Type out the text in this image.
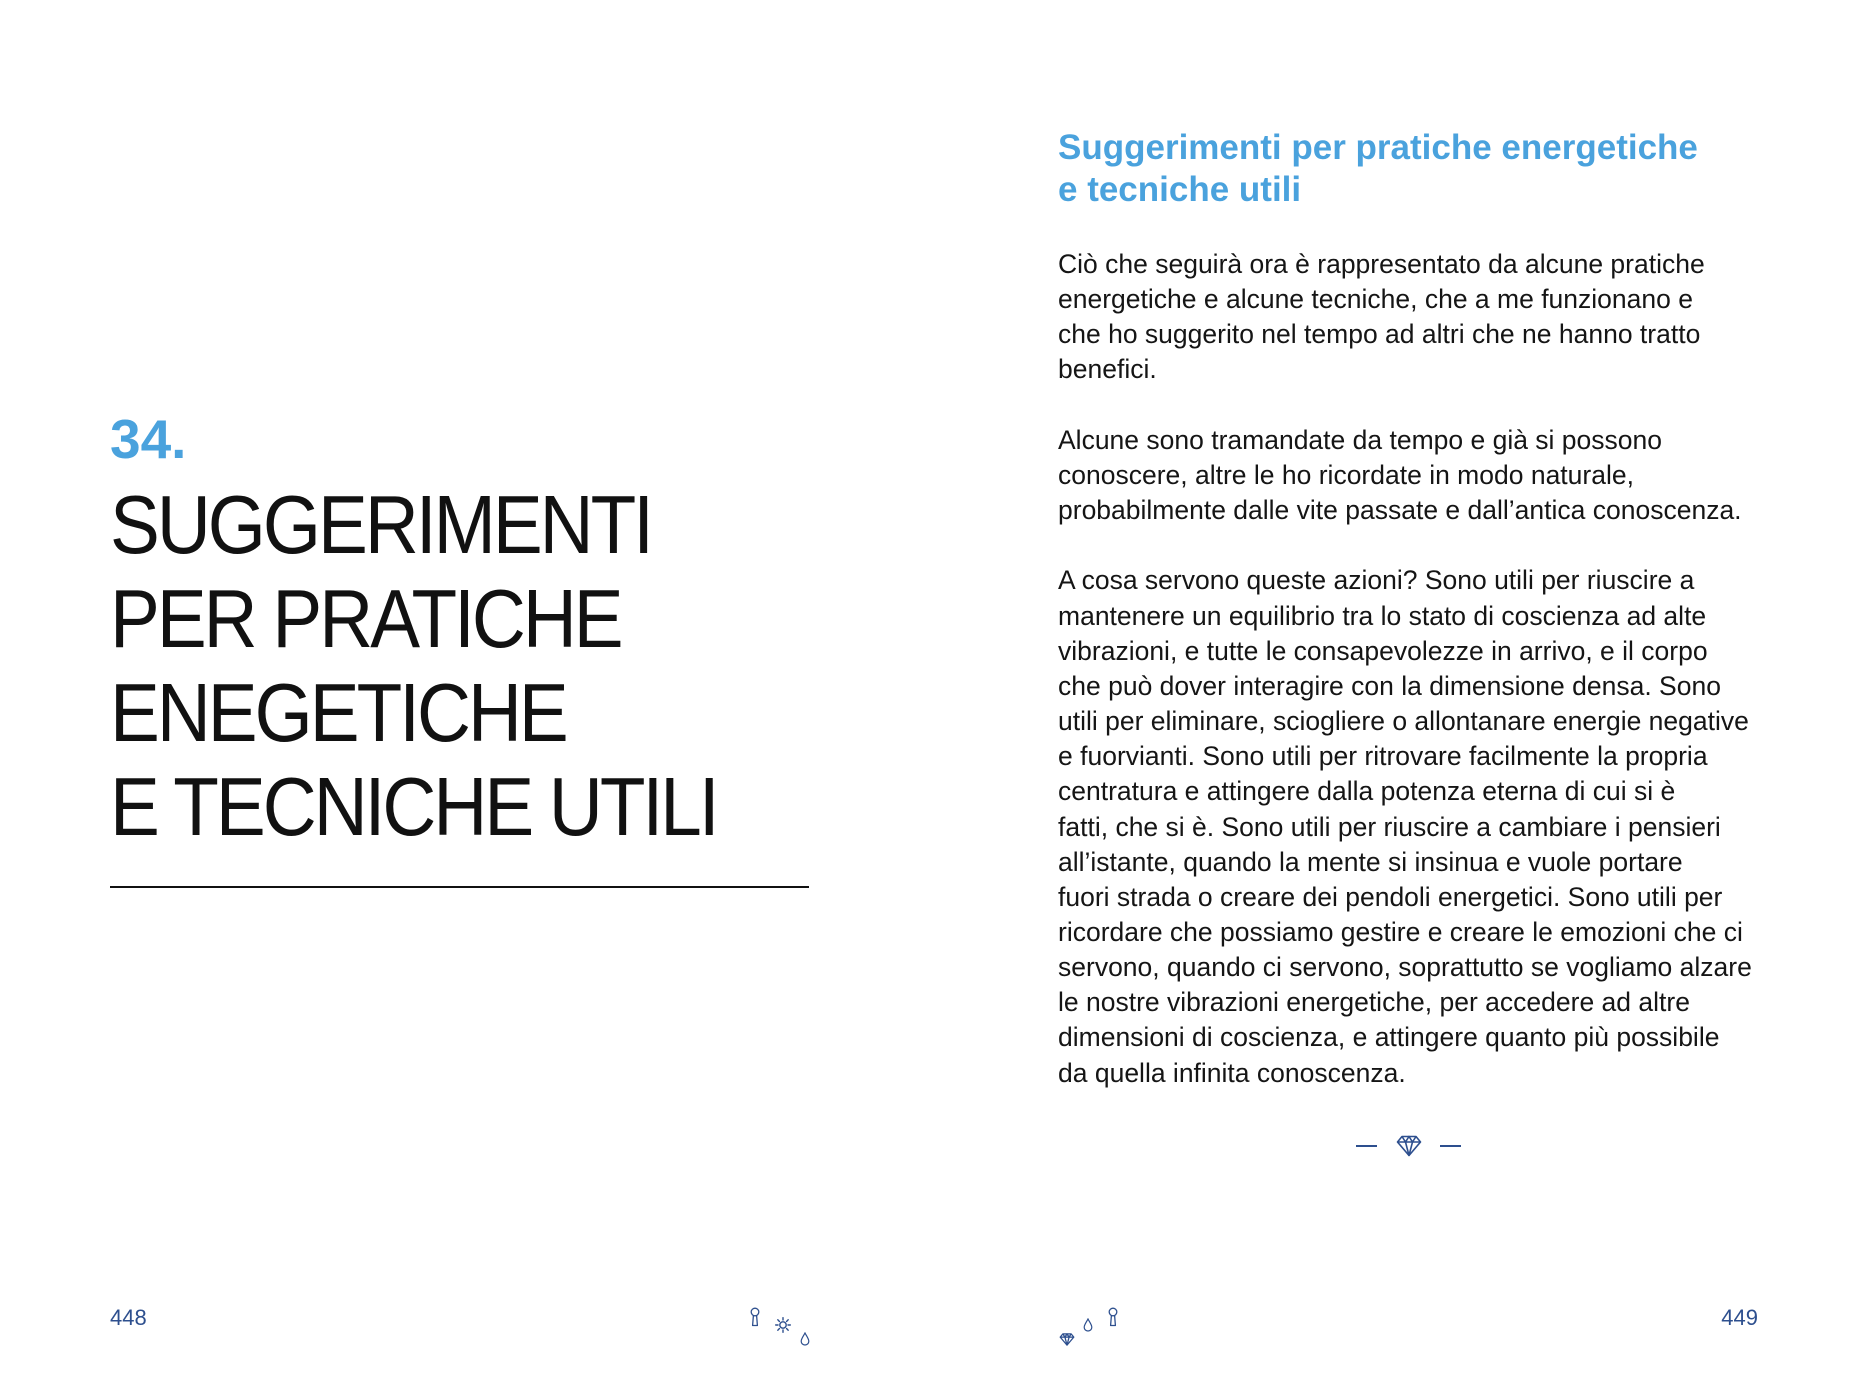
34.
SUGGERIMENTI
PER PRATICHE
ENEGETICHE
E TECNICHE UTILI
448
Suggerimenti per pratiche energetiche
e tecniche utili
Ciò che seguirà ora è rappresentato da alcune pratiche
energetiche e alcune tecniche, che a me funzionano e
che ho suggerito nel tempo ad altri che ne hanno tratto
benefici.
Alcune sono tramandate da tempo e già si possono
conoscere, altre le ho ricordate in modo naturale,
probabilmente dalle vite passate e dall’antica conoscenza.
A cosa servono queste azioni? Sono utili per riuscire a
mantenere un equilibrio tra lo stato di coscienza ad alte
vibrazioni, e tutte le consapevolezze in arrivo, e il corpo
che può dover interagire con la dimensione densa. Sono
utili per eliminare, sciogliere o allontanare energie negative
e fuorvianti. Sono utili per ritrovare facilmente la propria
centratura e attingere dalla potenza eterna di cui si è
fatti, che si è. Sono utili per riuscire a cambiare i pensieri
all’istante, quando la mente si insinua e vuole portare
fuori strada o creare dei pendoli energetici. Sono utili per
ricordare che possiamo gestire e creare le emozioni che ci
servono, quando ci servono, soprattutto se vogliamo alzare
le nostre vibrazioni energetiche, per accedere ad altre
dimensioni di coscienza, e attingere quanto più possibile
da quella infinita conoscenza.
449
